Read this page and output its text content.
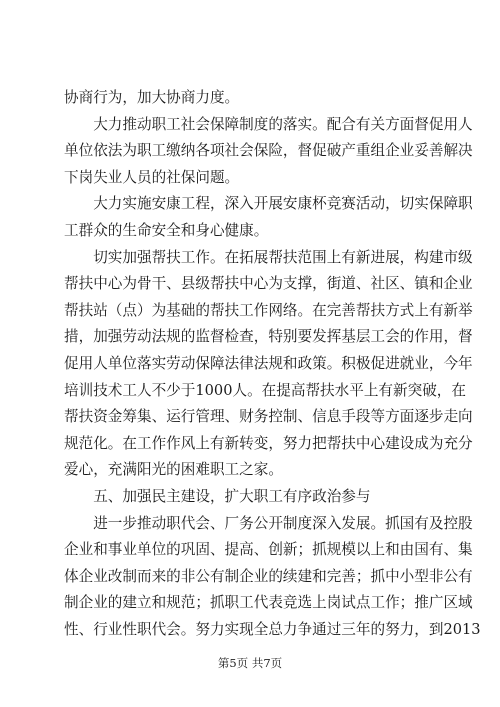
协商行为，加大协商力度。
　　大力推动职工社会保障制度的落实。配合有关方面督促用人
单位依法为职工缴纳各项社会保险，督促破产重组企业妥善解决
下岗失业人员的社保问题。
　　大力实施安康工程，深入开展安康杯竞赛活动，切实保障职
工群众的生命安全和身心健康。
　　切实加强帮扶工作。在拓展帮扶范围上有新进展，构建市级
帮扶中心为骨干、县级帮扶中心为支撑，街道、社区、镇和企业
帮扶站（点）为基础的帮扶工作网络。在完善帮扶方式上有新举
措，加强劳动法规的监督检查，特别要发挥基层工会的作用，督
促用人单位落实劳动保障法律法规和政策。积极促进就业，今年
培训技术工人不少于1000人。在提高帮扶水平上有新突破，在
帮扶资金筹集、运行管理、财务控制、信息手段等方面逐步走向
规范化。在工作作风上有新转变，努力把帮扶中心建设成为充分
爱心，充满阳光的困难职工之家。
　　五、加强民主建设，扩大职工有序政治参与
　　进一步推动职代会、厂务公开制度深入发展。抓国有及控股
企业和事业单位的巩固、提高、创新；抓规模以上和由国有、集
体企业改制而来的非公有制企业的续建和完善；抓中小型非公有
制企业的建立和规范；抓职工代表竞选上岗试点工作；推广区域
性、行业性职代会。努力实现全总力争通过三年的努力，到2013
第5页 共7页
